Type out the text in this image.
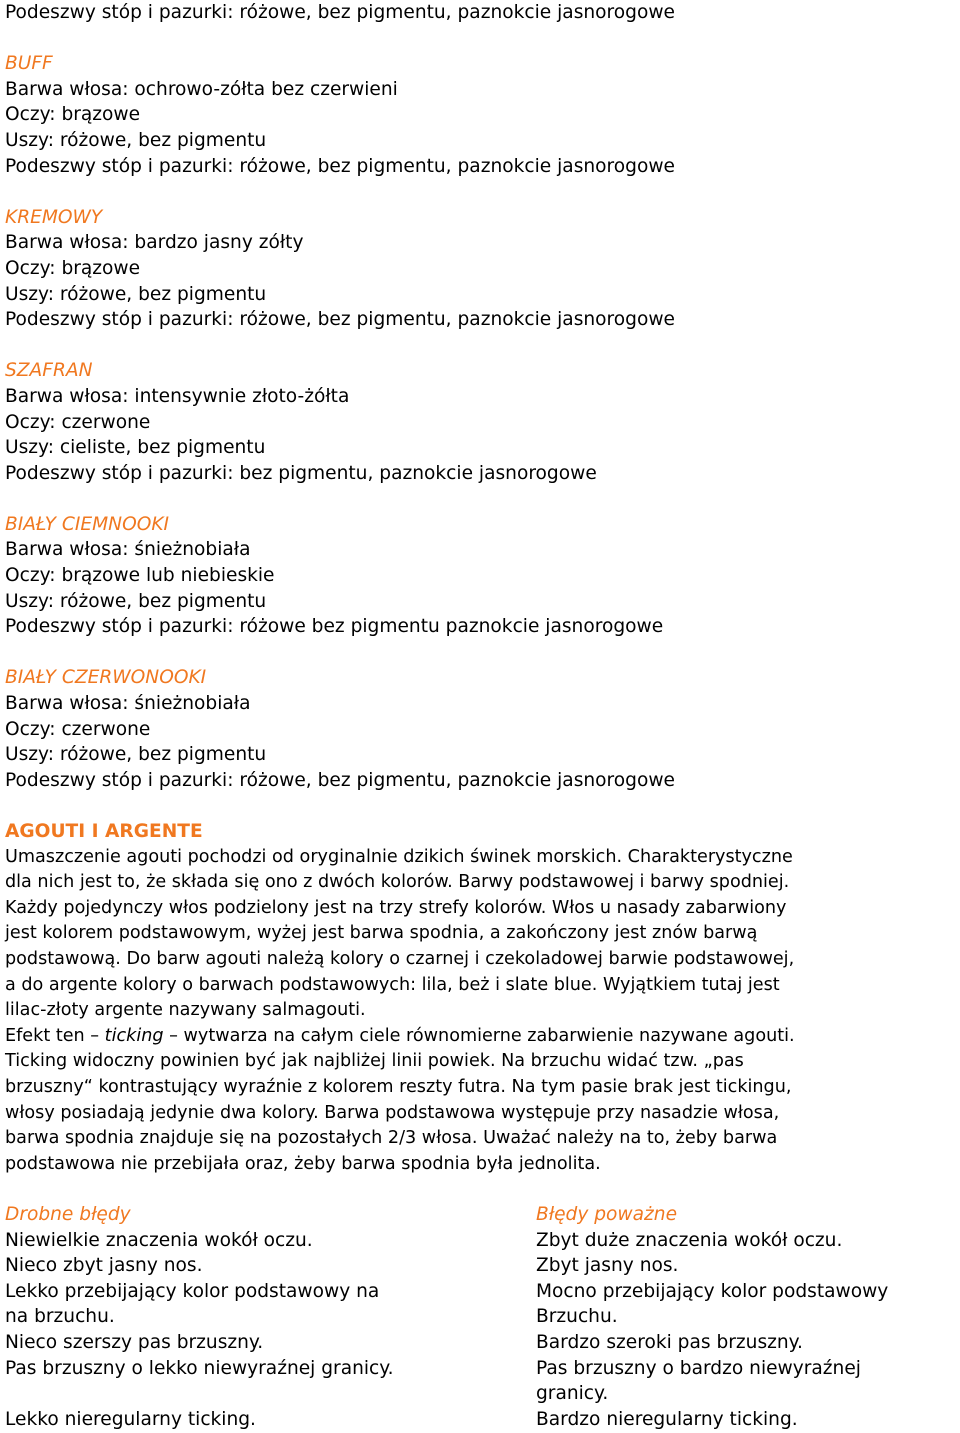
Podeszwy stóp i pazurki: różowe, bez pigmentu, paznokcie jasnorogowe

BUFF

Barwa włosa: ochrowo-zółta bez czerwieni

Oczy: brązowe

Uszy: różowe, bez pigmentu

Podeszwy stóp i pazurki: różowe, bez pigmentu, paznokcie jasnorogowe

KREMOWY

Barwa włosa: bardzo jasny zółty

Oczy: brązowe

Uszy: różowe, bez pigmentu

Podeszwy stóp i pazurki: różowe, bez pigmentu, paznokcie jasnorogowe

SZAFRAN

Barwa włosa: intensywnie złoto-żółta

Oczy: czerwone

Uszy: cieliste, bez pigmentu

Podeszwy stóp i pazurki: bez pigmentu, paznokcie jasnorogowe

BIAŁY CIEMNOOKI

Barwa włosa: śnieżnobiała

Oczy: brązowe lub niebieskie

Uszy: różowe, bez pigmentu

Podeszwy stóp i pazurki: różowe bez pigmentu paznokcie jasnorogowe

BIAŁY CZERWONOOKI

Barwa włosa: śnieżnobiała

Oczy: czerwone

Uszy: różowe, bez pigmentu

Podeszwy stóp i pazurki: różowe, bez pigmentu, paznokcie jasnorogowe

AGOUTI I ARGENTE

Umaszczenie agouti pochodzi od oryginalnie dzikich świnek morskich. Charakterystyczne

dla nich jest to, że składa się ono z dwóch kolorów. Barwy podstawowej i barwy spodniej.

Każdy pojedynczy włos podzielony jest na trzy strefy kolorów. Włos u nasady zabarwiony

jest kolorem podstawowym, wyżej jest barwa spodnia, a zakończony jest znów barwą

podstawową. Do barw agouti należą kolory o czarnej i czekoladowej barwie podstawowej,

a do argente kolory o barwach podstawowych: lila, beż i slate blue. Wyjątkiem tutaj jest

lilac-złoty argente nazywany salmagouti.

Efekt ten – ticking – wytwarza na całym ciele równomierne zabarwienie nazywane agouti.

Ticking widoczny powinien być jak najbliżej linii powiek. Na brzuchu widać tzw. „pas

brzuszny“ kontrastujący wyraźnie z kolorem reszty futra. Na tym pasie brak jest tickingu,

włosy posiadają jedynie dwa kolory. Barwa podstawowa występuje przy nasadzie włosa,

barwa spodnia znajduje się na pozostałych 2/3 włosa. Uważać należy na to, żeby barwa

podstawowa nie przebijała oraz, żeby barwa spodnia była jednolita.

Drobne błędy

Niewielkie znaczenia wokół oczu.

Nieco zbyt jasny nos.

Lekko przebijający kolor podstawowy na

na brzuchu.

Nieco szerszy pas brzuszny.

Pas brzuszny o lekko niewyraźnej granicy.

Lekko nieregularny ticking.

Błędy poważne

Zbyt duże znaczenia wokół oczu.

Zbyt jasny nos.

Mocno przebijający kolor podstawowy

Brzuchu.

Bardzo szeroki pas brzuszny.

Pas brzuszny o bardzo niewyraźnej

granicy.

Bardzo nieregularny ticking.
